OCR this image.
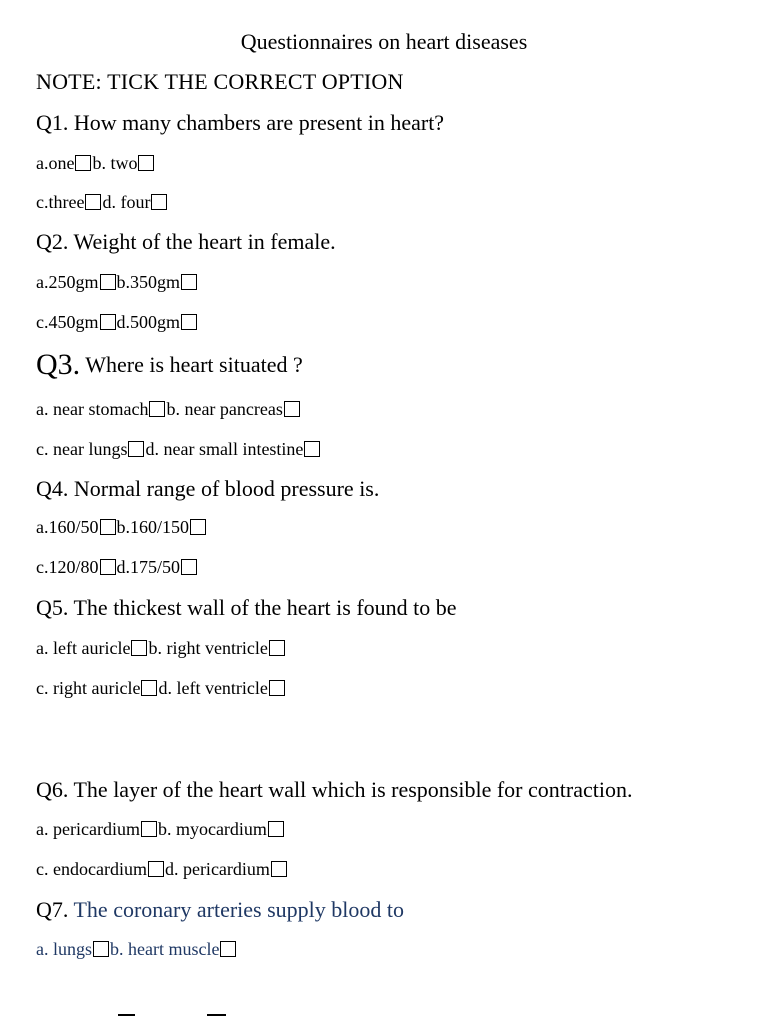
Questionnaires on heart diseases
NOTE: TICK THE CORRECT OPTION
Q1. How many chambers are present in heart?
a.one b. two
c.three d. four
Q2. Weight of the heart in female.
a.250gm b.350gm
c.450gm d.500gm
Q3. Where is heart situated ?
a. near stomach b. near pancreas
c. near lungs d. near small intestine
Q4. Normal range of blood pressure is.
a.160/50 b.160/150
c.120/80 d.175/50
Q5. The thickest wall of the heart is found to be
a. left auricle b. right ventricle
c. right auricle d. left ventricle
Q6. The layer of the heart wall which is responsible for contraction.
a. pericardium b. myocardium
c. endocardium d. pericardium
Q7. The coronary arteries supply blood to
a. lungs b. heart muscle
